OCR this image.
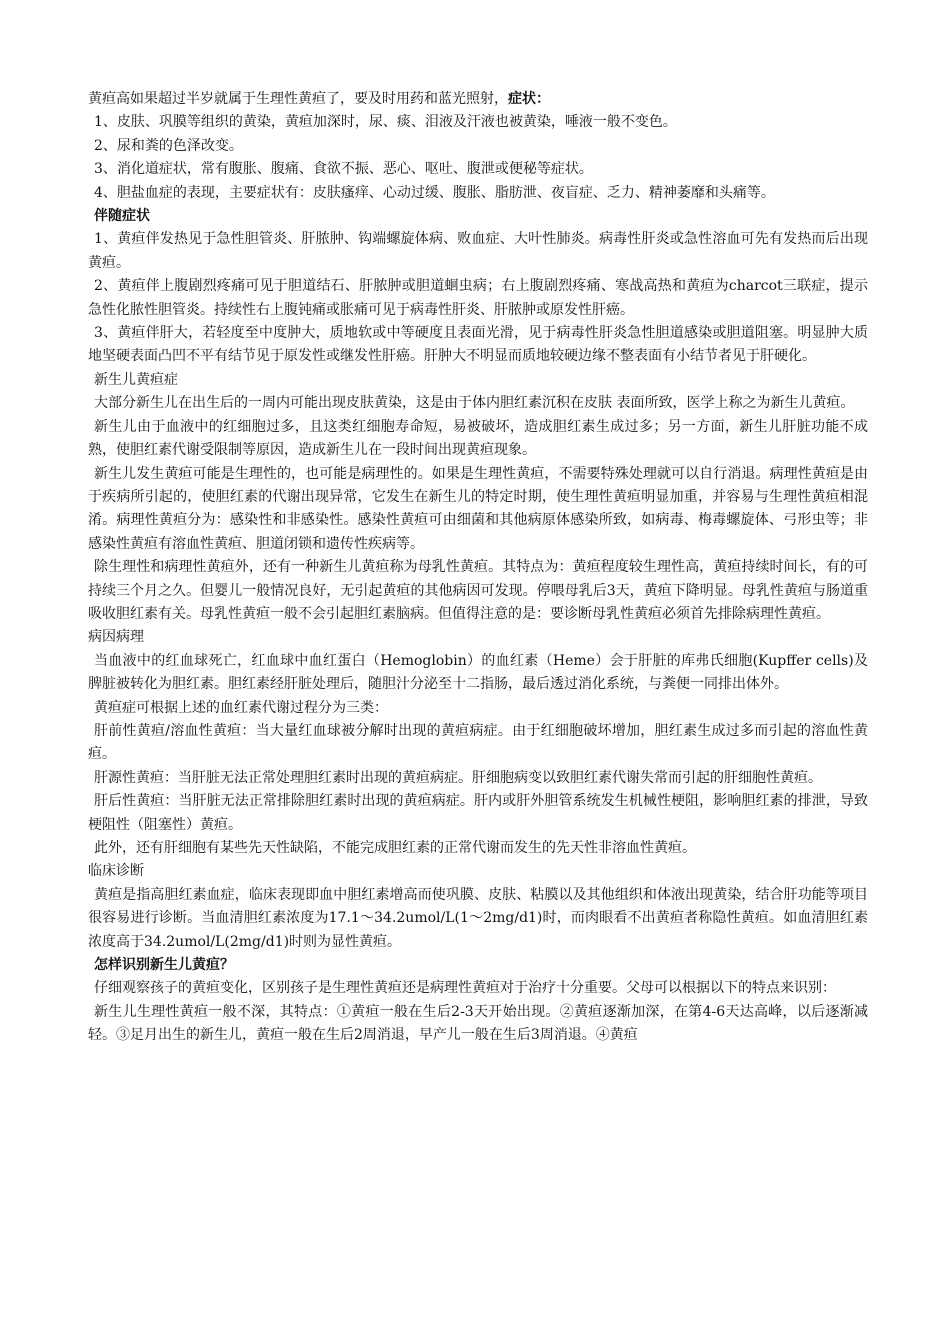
黄疸高如果超过半岁就属于生理性黄疸了，要及时用药和蓝光照射，症状：

1、皮肤、巩膜等组织的黄染，黄疸加深时，尿、痰、泪液及汗液也被黄染，唾液一般不变色。

2、尿和粪的色泽改变。

3、消化道症状，常有腹胀、腹痛、食欲不振、恶心、呕吐、腹泄或便秘等症状。

4、胆盐血症的表现，主要症状有：皮肤瘙痒、心动过缓、腹胀、脂肪泄、夜盲症、乏力、精神萎靡和头痛等。

伴随症状

1、黄疸伴发热见于急性胆管炎、肝脓肿、钩端螺旋体病、败血症、大叶性肺炎。病毒性肝炎或急性溶血可先有发热而后出现黄疸。

2、黄疸伴上腹剧烈疼痛可见于胆道结石、肝脓肿或胆道蛔虫病；右上腹剧烈疼痛、寒战高热和黄疸为charcot三联症，提示急性化脓性胆管炎。持续性右上腹钝痛或胀痛可见于病毒性肝炎、肝脓肿或原发性肝癌。

3、黄疸伴肝大，若轻度至中度肿大，质地软或中等硬度且表面光滑，见于病毒性肝炎急性胆道感染或胆道阻塞。明显肿大质地坚硬表面凸凹不平有结节见于原发性或继发性肝癌。肝肿大不明显而质地较硬边缘不整表面有小结节者见于肝硬化。

新生儿黄疸症

大部分新生儿在出生后的一周内可能出现皮肤黄染，这是由于体内胆红素沉积在皮肤 表面所致，医学上称之为新生儿黄疸。

新生儿由于血液中的红细胞过多，且这类红细胞寿命短，易被破坏，造成胆红素生成过多；另一方面，新生儿肝脏功能不成熟，使胆红素代谢受限制等原因，造成新生儿在一段时间出现黄疸现象。

新生儿发生黄疸可能是生理性的，也可能是病理性的。如果是生理性黄疸，不需要特殊处理就可以自行消退。病理性黄疸是由于疾病所引起的，使胆红素的代谢出现异常，它发生在新生儿的特定时期，使生理性黄疸明显加重，并容易与生理性黄疸相混淆。病理性黄疸分为：感染性和非感染性。感染性黄疸可由细菌和其他病原体感染所致，如病毒、梅毒螺旋体、弓形虫等；非感染性黄疸有溶血性黄疸、胆道闭锁和遗传性疾病等。

除生理性和病理性黄疸外，还有一种新生儿黄疸称为母乳性黄疸。其特点为：黄疸程度较生理性高，黄疸持续时间长，有的可持续三个月之久。但婴儿一般情况良好，无引起黄疸的其他病因可发现。停喂母乳后3天，黄疸下降明显。母乳性黄疸与肠道重吸收胆红素有关。母乳性黄疸一般不会引起胆红素脑病。但值得注意的是：要诊断母乳性黄疸必须首先排除病理性黄疸。

病因病理

当血液中的红血球死亡，红血球中血红蛋白（Hemoglobin）的血红素（Heme）会于肝脏的库弗氏细胞(Kupffer cells)及脾脏被转化为胆红素。胆红素经肝脏处理后，随胆汁分泌至十二指肠，最后透过消化系统，与粪便一同排出体外。

黄疸症可根据上述的血红素代谢过程分为三类：

肝前性黄疸/溶血性黄疸：当大量红血球被分解时出现的黄疸病症。由于红细胞破坏增加，胆红素生成过多而引起的溶血性黄疸。

肝源性黄疸：当肝脏无法正常处理胆红素时出现的黄疸病症。肝细胞病变以致胆红素代谢失常而引起的肝细胞性黄疸。

肝后性黄疸：当肝脏无法正常排除胆红素时出现的黄疸病症。肝内或肝外胆管系统发生机械性梗阻，影响胆红素的排泄，导致梗阻性（阻塞性）黄疸。

此外，还有肝细胞有某些先天性缺陷，不能完成胆红素的正常代谢而发生的先天性非溶血性黄疸。

临床诊断

黄疸是指高胆红素血症，临床表现即血中胆红素增高而使巩膜、皮肤、粘膜以及其他组织和体液出现黄染，结合肝功能等项目很容易进行诊断。当血清胆红素浓度为17.1～34.2umol/L(1～2mg/d1)时，而肉眼看不出黄疸者称隐性黄疸。如血清胆红素浓度高于34.2umol/L(2mg/d1)时则为显性黄疸。

怎样识别新生儿黄疸？

仔细观察孩子的黄疸变化，区别孩子是生理性黄疸还是病理性黄疸对于治疗十分重要。父母可以根据以下的特点来识别：

新生儿生理性黄疸一般不深，其特点：①黄疸一般在生后2-3天开始出现。②黄疸逐渐加深，在第4-6天达高峰，以后逐渐减轻。③足月出生的新生儿，黄疸一般在生后2周消退，早产儿一般在生后3周消退。④黄疸
